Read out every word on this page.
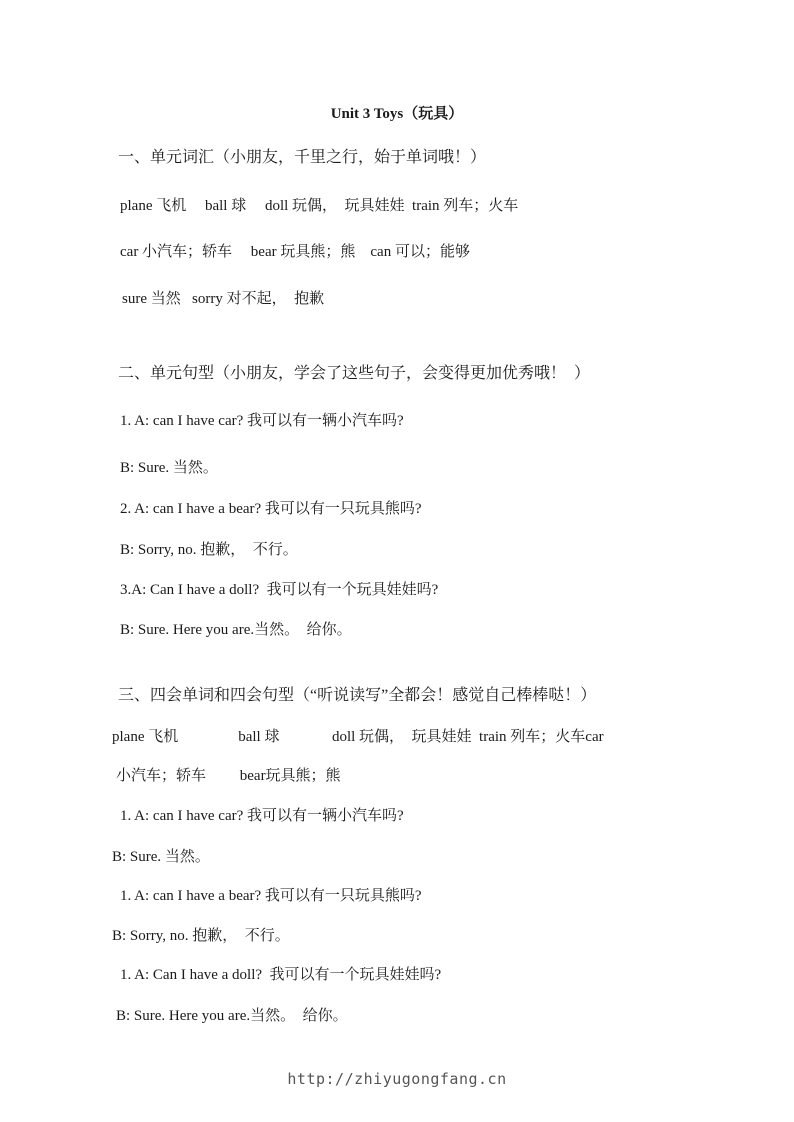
Unit 3 Toys（玩具）
一、单元词汇（小朋友，千里之行，始于单词哦！）
plane 飞机     ball 球     doll 玩偶，  玩具娃娃  train 列车；火车
car 小汽车；轿车     bear 玩具熊；熊    can 可以；能够
sure 当然   sorry 对不起，  抱歉
二、单元句型（小朋友，学会了这些句子，会变得更加优秀哦！  ）
1. A: can I have car? 我可以有一辆小汽车吗?
B: Sure. 当然。
2. A: can I have a bear? 我可以有一只玩具熊吗?
B: Sorry, no. 抱歉，  不行。
3.A: Can I have a doll?  我可以有一个玩具娃娃吗?
B: Sure. Here you are.当然。  给你。
三、四会单词和四会句型（“听说读写”全都会！感觉自己棒棒哒！）
plane 飞机                ball 球              doll 玩偶，  玩具娃娃  train 列车；火车car
小汽车；轿车         bear玩具熊；熊
1. A: can I have car? 我可以有一辆小汽车吗?
B: Sure. 当然。
1. A: can I have a bear? 我可以有一只玩具熊吗?
B: Sorry, no. 抱歉，  不行。
1. A: Can I have a doll?  我可以有一个玩具娃娃吗?
B: Sure. Here you are.当然。  给你。
http://zhiyugongfang.cn
